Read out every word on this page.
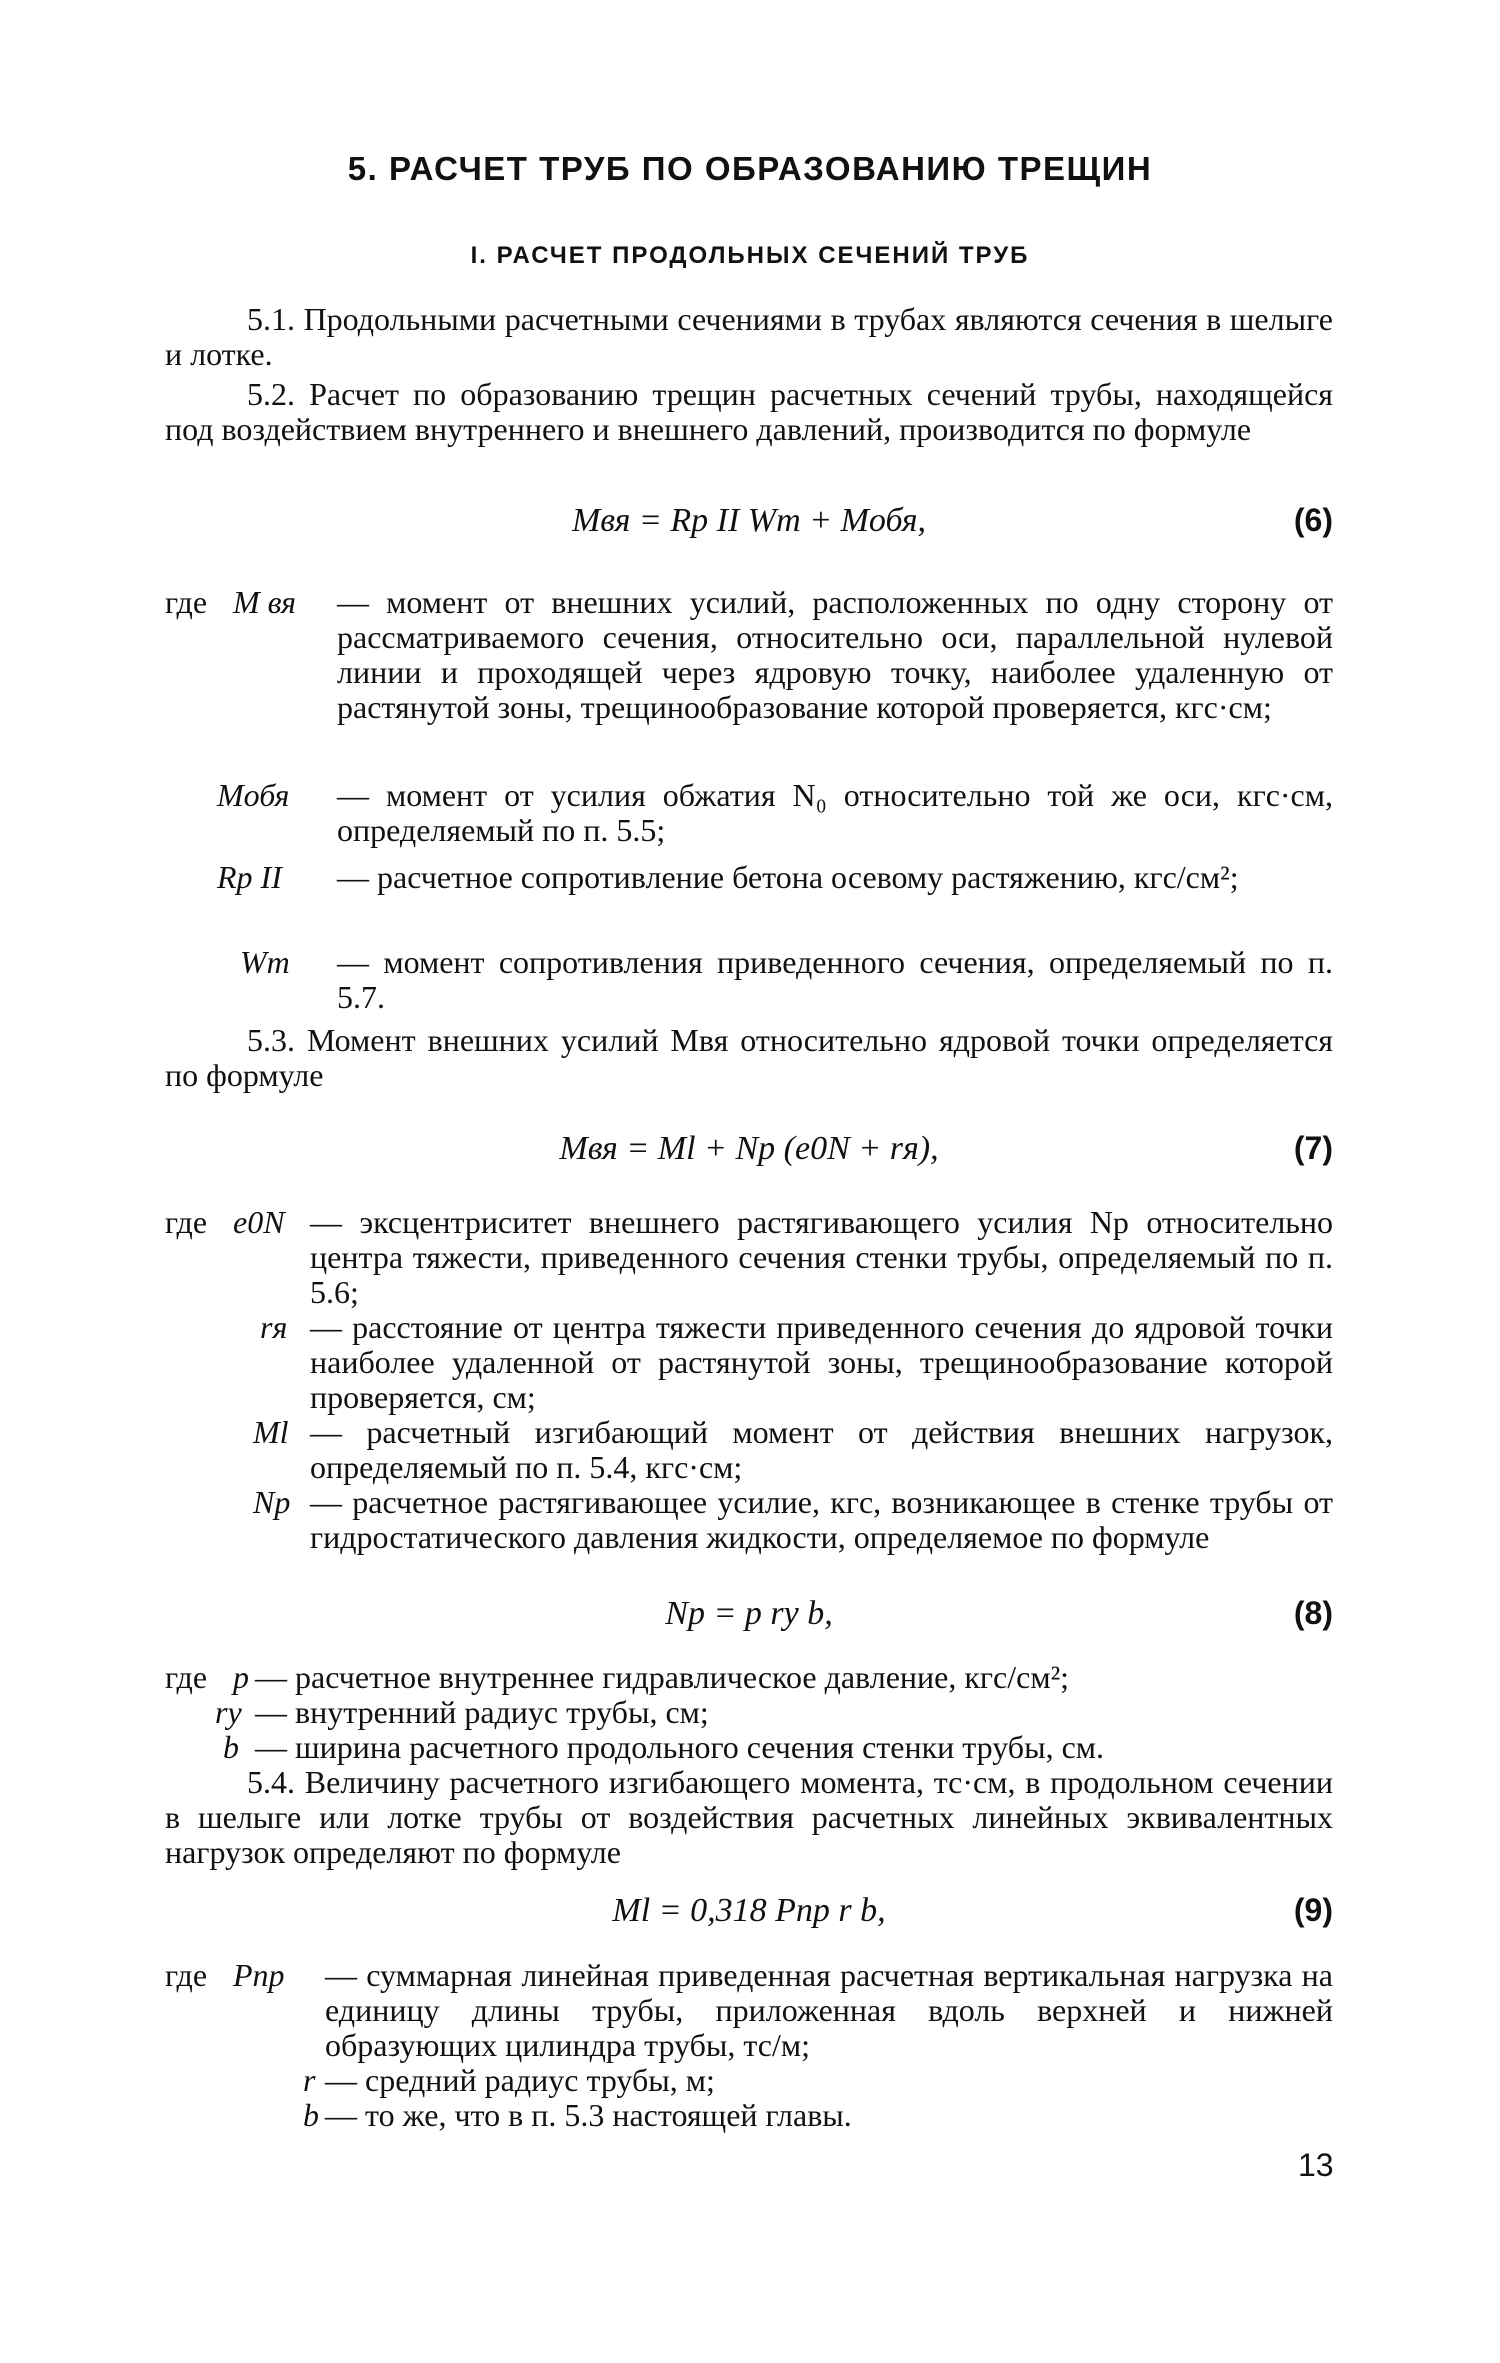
5. РАСЧЕТ ТРУБ ПО ОБРАЗОВАНИЮ ТРЕЩИН
I. РАСЧЕТ ПРОДОЛЬНЫХ СЕЧЕНИЙ ТРУБ
5.1. Продольными расчетными сечениями в трубах являются сечения в шелыге и лотке.
5.2. Расчет по образованию трещин расчетных сечений трубы, находящейся под воздействием внутреннего и внешнего давлений, производится по формуле
Mвя = Rp II Wт + Mобя,	(6)
где M вя — момент от внешних усилий, расположенных по одну сторону от рассматриваемого сечения, относительно оси, параллельной нулевой линии и проходящей через ядровую точку, наиболее удаленную от растянутой зоны, трещинообразование которой проверяется, кгс·см;
Mобя — момент от усилия обжатия N₀ относительно той же оси, кгс·см, определяемый по п. 5.5;
Rp II — расчетное сопротивление бетона осевому растяжению, кгс/см²;
Wт — момент сопротивления приведенного сечения, определяемый по п. 5.7.
5.3. Момент внешних усилий Mвя относительно ядровой точки определяется по формуле
Mвя = Ml + Np (e0N + rя),	(7)
где e0N — эксцентриситет внешнего растягивающего усилия Np относительно центра тяжести, приведенного сечения стенки трубы, определяемый по п. 5.6;
rя — расстояние от центра тяжести приведенного сечения до ядровой точки наиболее удаленной от растянутой зоны, трещинообразование которой проверяется, см;
Ml — расчетный изгибающий момент от действия внешних нагрузок, определяемый по п. 5.4, кгс·см;
Np — расчетное растягивающее усилие, кгс, возникающее в стенке трубы от гидростатического давления жидкости, определяемое по формуле
Np = p ry b,	(8)
где p — расчетное внутреннее гидравлическое давление, кгс/см²;
ry — внутренний радиус трубы, см;
b — ширина расчетного продольного сечения стенки трубы, см.
5.4. Величину расчетного изгибающего момента, тс·см, в продольном сечении в шелыге или лотке трубы от воздействия расчетных линейных эквивалентных нагрузок определяют по формуле
Ml = 0,318 Pпр r b,	(9)
где Pпр — суммарная линейная приведенная расчетная вертикальная нагрузка на единицу длины трубы, приложенная вдоль верхней и нижней образующих цилиндра трубы, тс/м;
r — средний радиус трубы, м;
b — то же, что в п. 5.3 настоящей главы.
13
